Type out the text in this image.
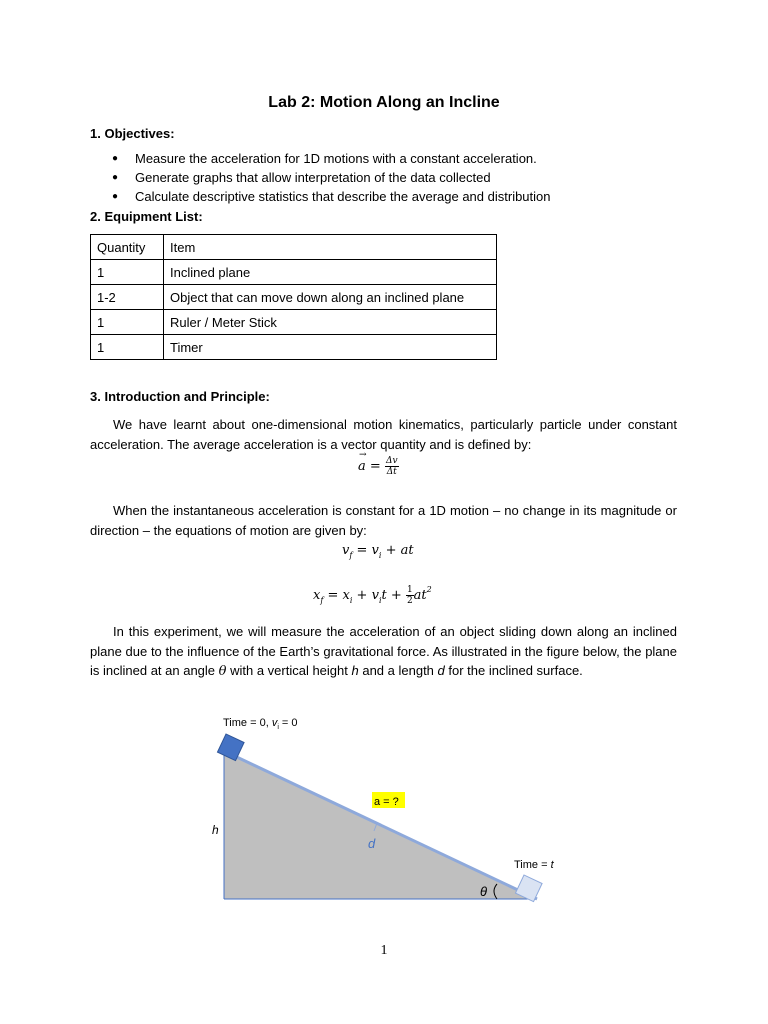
Lab 2: Motion Along an Incline
1. Objectives:
● Measure the acceleration for 1D motions with a constant acceleration.
● Generate graphs that allow interpretation of the data collected
● Calculate descriptive statistics that describe the average and distribution
2. Equipment List:
Quantity	Item
1	Inclined plane
1-2	Object that can move down along an inclined plane
1	Ruler / Meter Stick
1	Timer
3. Introduction and Principle:

We have learnt about one-dimensional motion kinematics, particularly particle under constant acceleration. The average acceleration is a vector quantity and is defined by:

→
$a = \frac{\Delta v}{\Delta t}$

When the instantaneous acceleration is constant for a 1D motion – no change in its magnitude or direction – the equations of motion are given by:

$v_f = v_i$ + at
$x_f = x_i + v_it + \frac{1}{2} at^2$

In this experiment, we will measure the acceleration of an object sliding down along an inclined plane due to the influence of the Earth’s gravitational force. As illustrated in the figure below, the plane is inclined at an angle θ with a vertical height h and a length d for the inclined surface.

Time = 0, $v_i = 0$
a = ?
h
d
Time = t
θ
1
